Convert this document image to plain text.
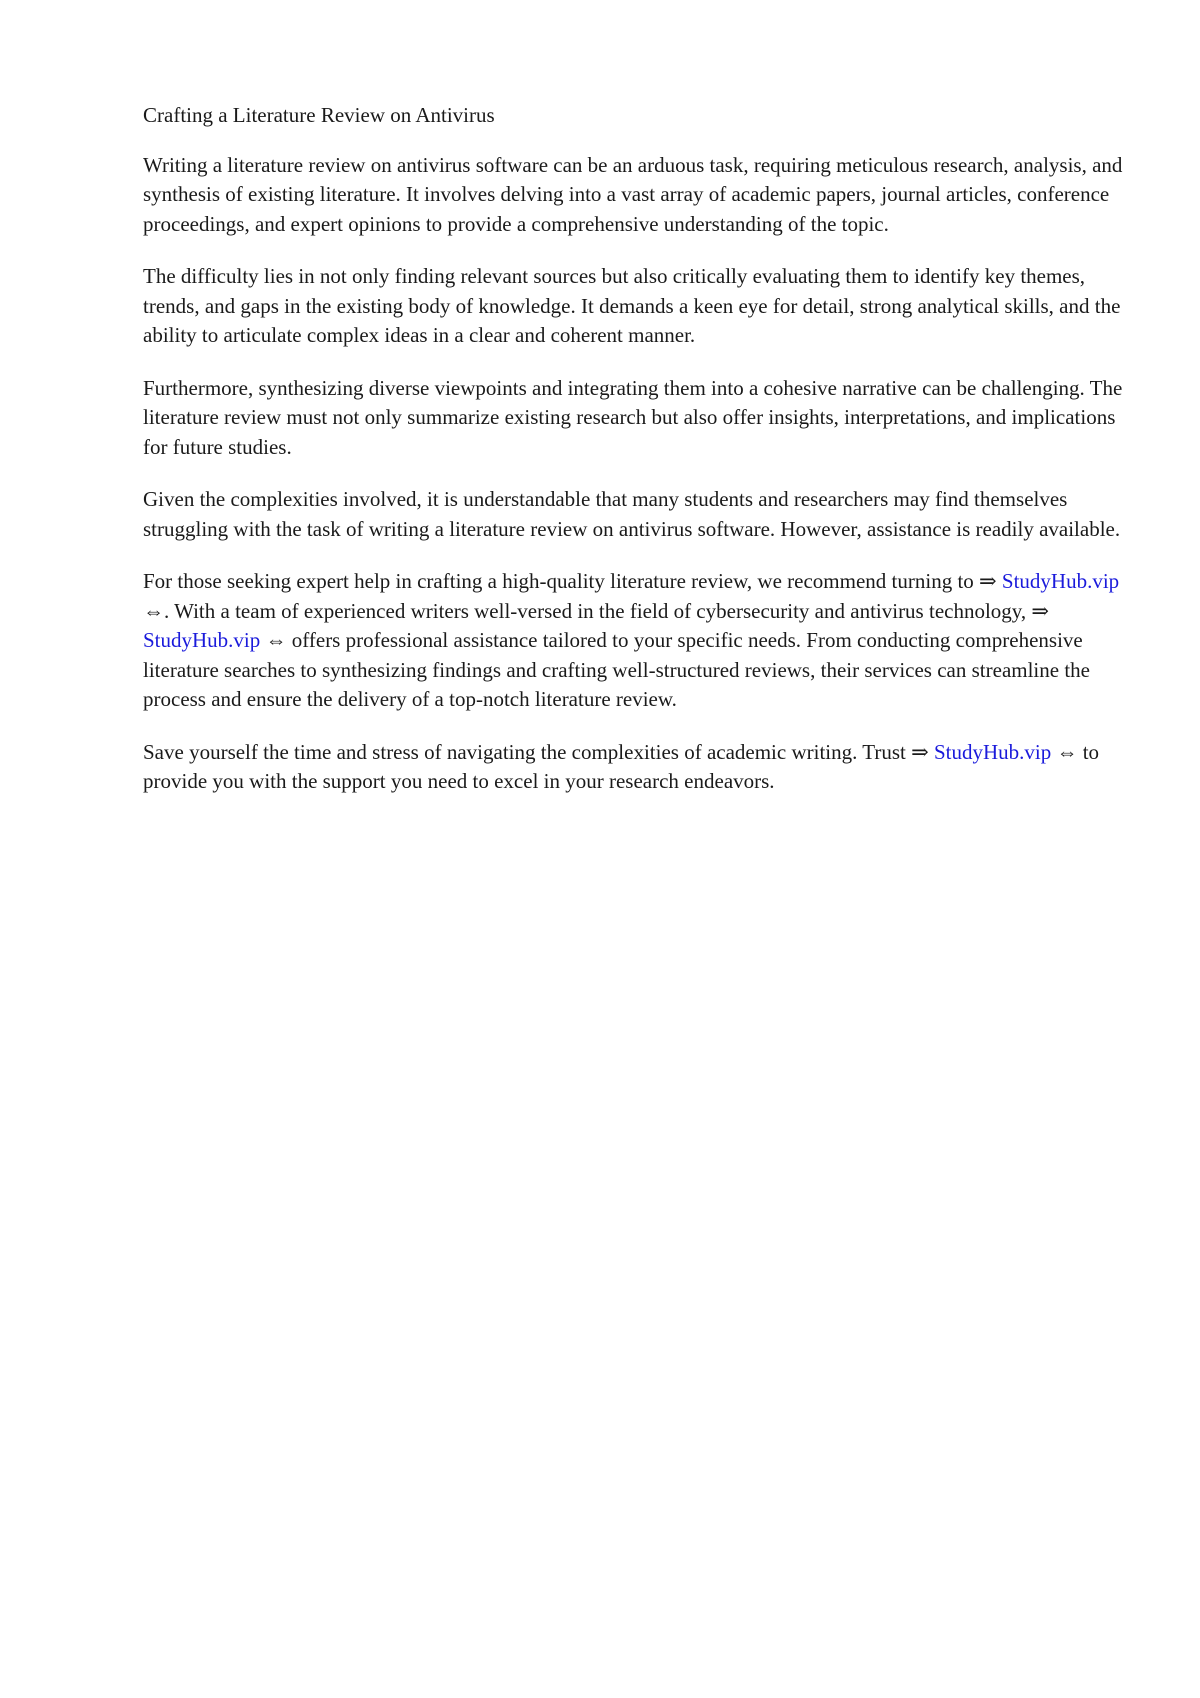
Crafting a Literature Review on Antivirus

Writing a literature review on antivirus software can be an arduous task, requiring meticulous research, analysis, and synthesis of existing literature. It involves delving into a vast array of academic papers, journal articles, conference proceedings, and expert opinions to provide a comprehensive understanding of the topic.

The difficulty lies in not only finding relevant sources but also critically evaluating them to identify key themes, trends, and gaps in the existing body of knowledge. It demands a keen eye for detail, strong analytical skills, and the ability to articulate complex ideas in a clear and coherent manner.

Furthermore, synthesizing diverse viewpoints and integrating them into a cohesive narrative can be challenging. The literature review must not only summarize existing research but also offer insights, interpretations, and implications for future studies.

Given the complexities involved, it is understandable that many students and researchers may find themselves struggling with the task of writing a literature review on antivirus software. However, assistance is readily available.

For those seeking expert help in crafting a high-quality literature review, we recommend turning to ⇒ StudyHub.vip ⇔. With a team of experienced writers well-versed in the field of cybersecurity and antivirus technology, ⇒ StudyHub.vip ⇔ offers professional assistance tailored to your specific needs. From conducting comprehensive literature searches to synthesizing findings and crafting well-structured reviews, their services can streamline the process and ensure the delivery of a top-notch literature review.

Save yourself the time and stress of navigating the complexities of academic writing. Trust ⇒ StudyHub.vip ⇔ to provide you with the support you need to excel in your research endeavors.
